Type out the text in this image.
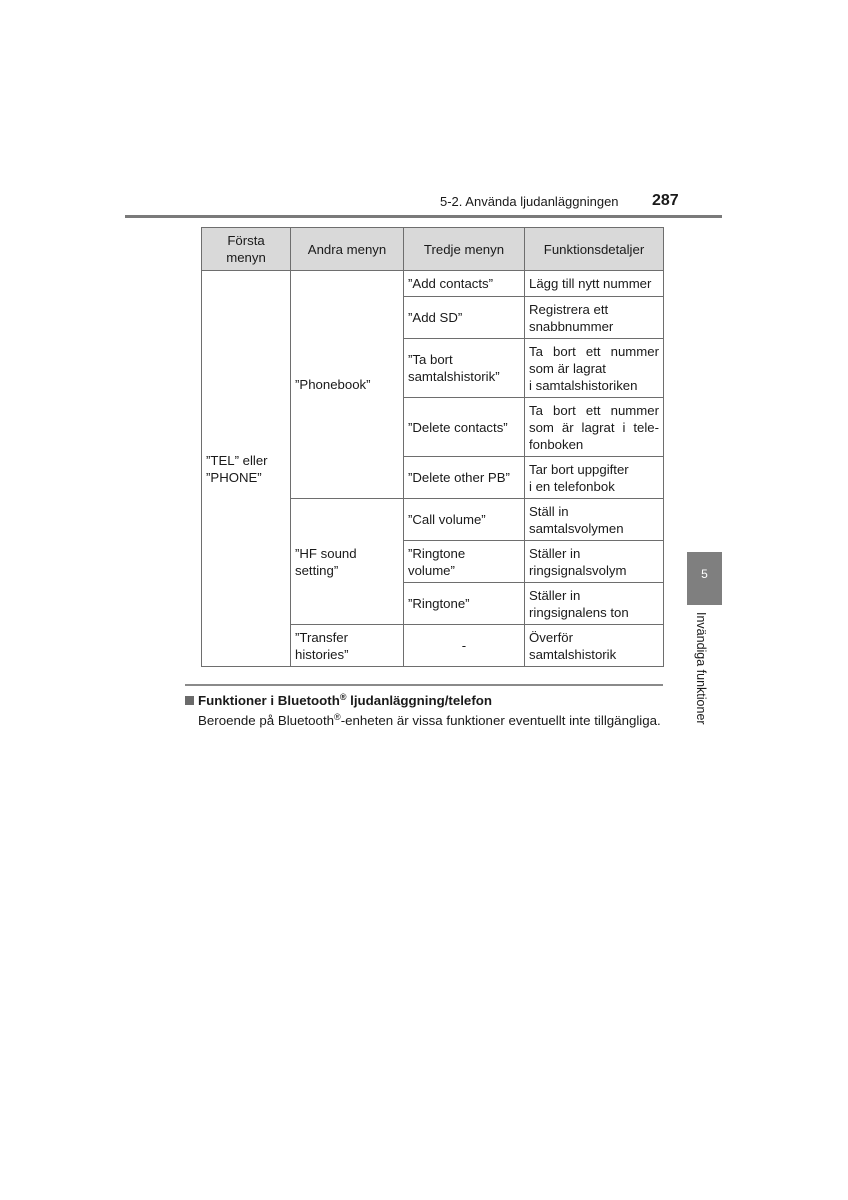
5-2. Använda ljudanläggningen 287
Första
menyn	Andra menyn	Tredje menyn	Funktionsdetaljer
”TEL” eller
”PHONE”	”Phonebook”	”Add contacts”	Lägg till nytt nummer
		”Add SD”	Registrera ett
snabbnummer
		”Ta bort
samtalshistorik”	Ta bort ett nummer som är lagrat
i samtalshistoriken
		”Delete contacts”	Ta bort ett nummer som är lagrat i tele-fonboken
		”Delete other PB”	Tar bort uppgifter
i en telefonbok
	”HF sound
setting”	”Call volume”	Ställ in
samtalsvolymen
		”Ringtone
volume”	Ställer in
ringsignalsvolym
		”Ringtone”	Ställer in
ringsignalens ton
	”Transfer
histories”	-	Överför
samtalshistorik
5
Invändiga funktioner
Funktioner i Bluetooth® ljudanläggning/telefon
Beroende på Bluetooth®-enheten är vissa funktioner eventuellt inte tillgängliga.
